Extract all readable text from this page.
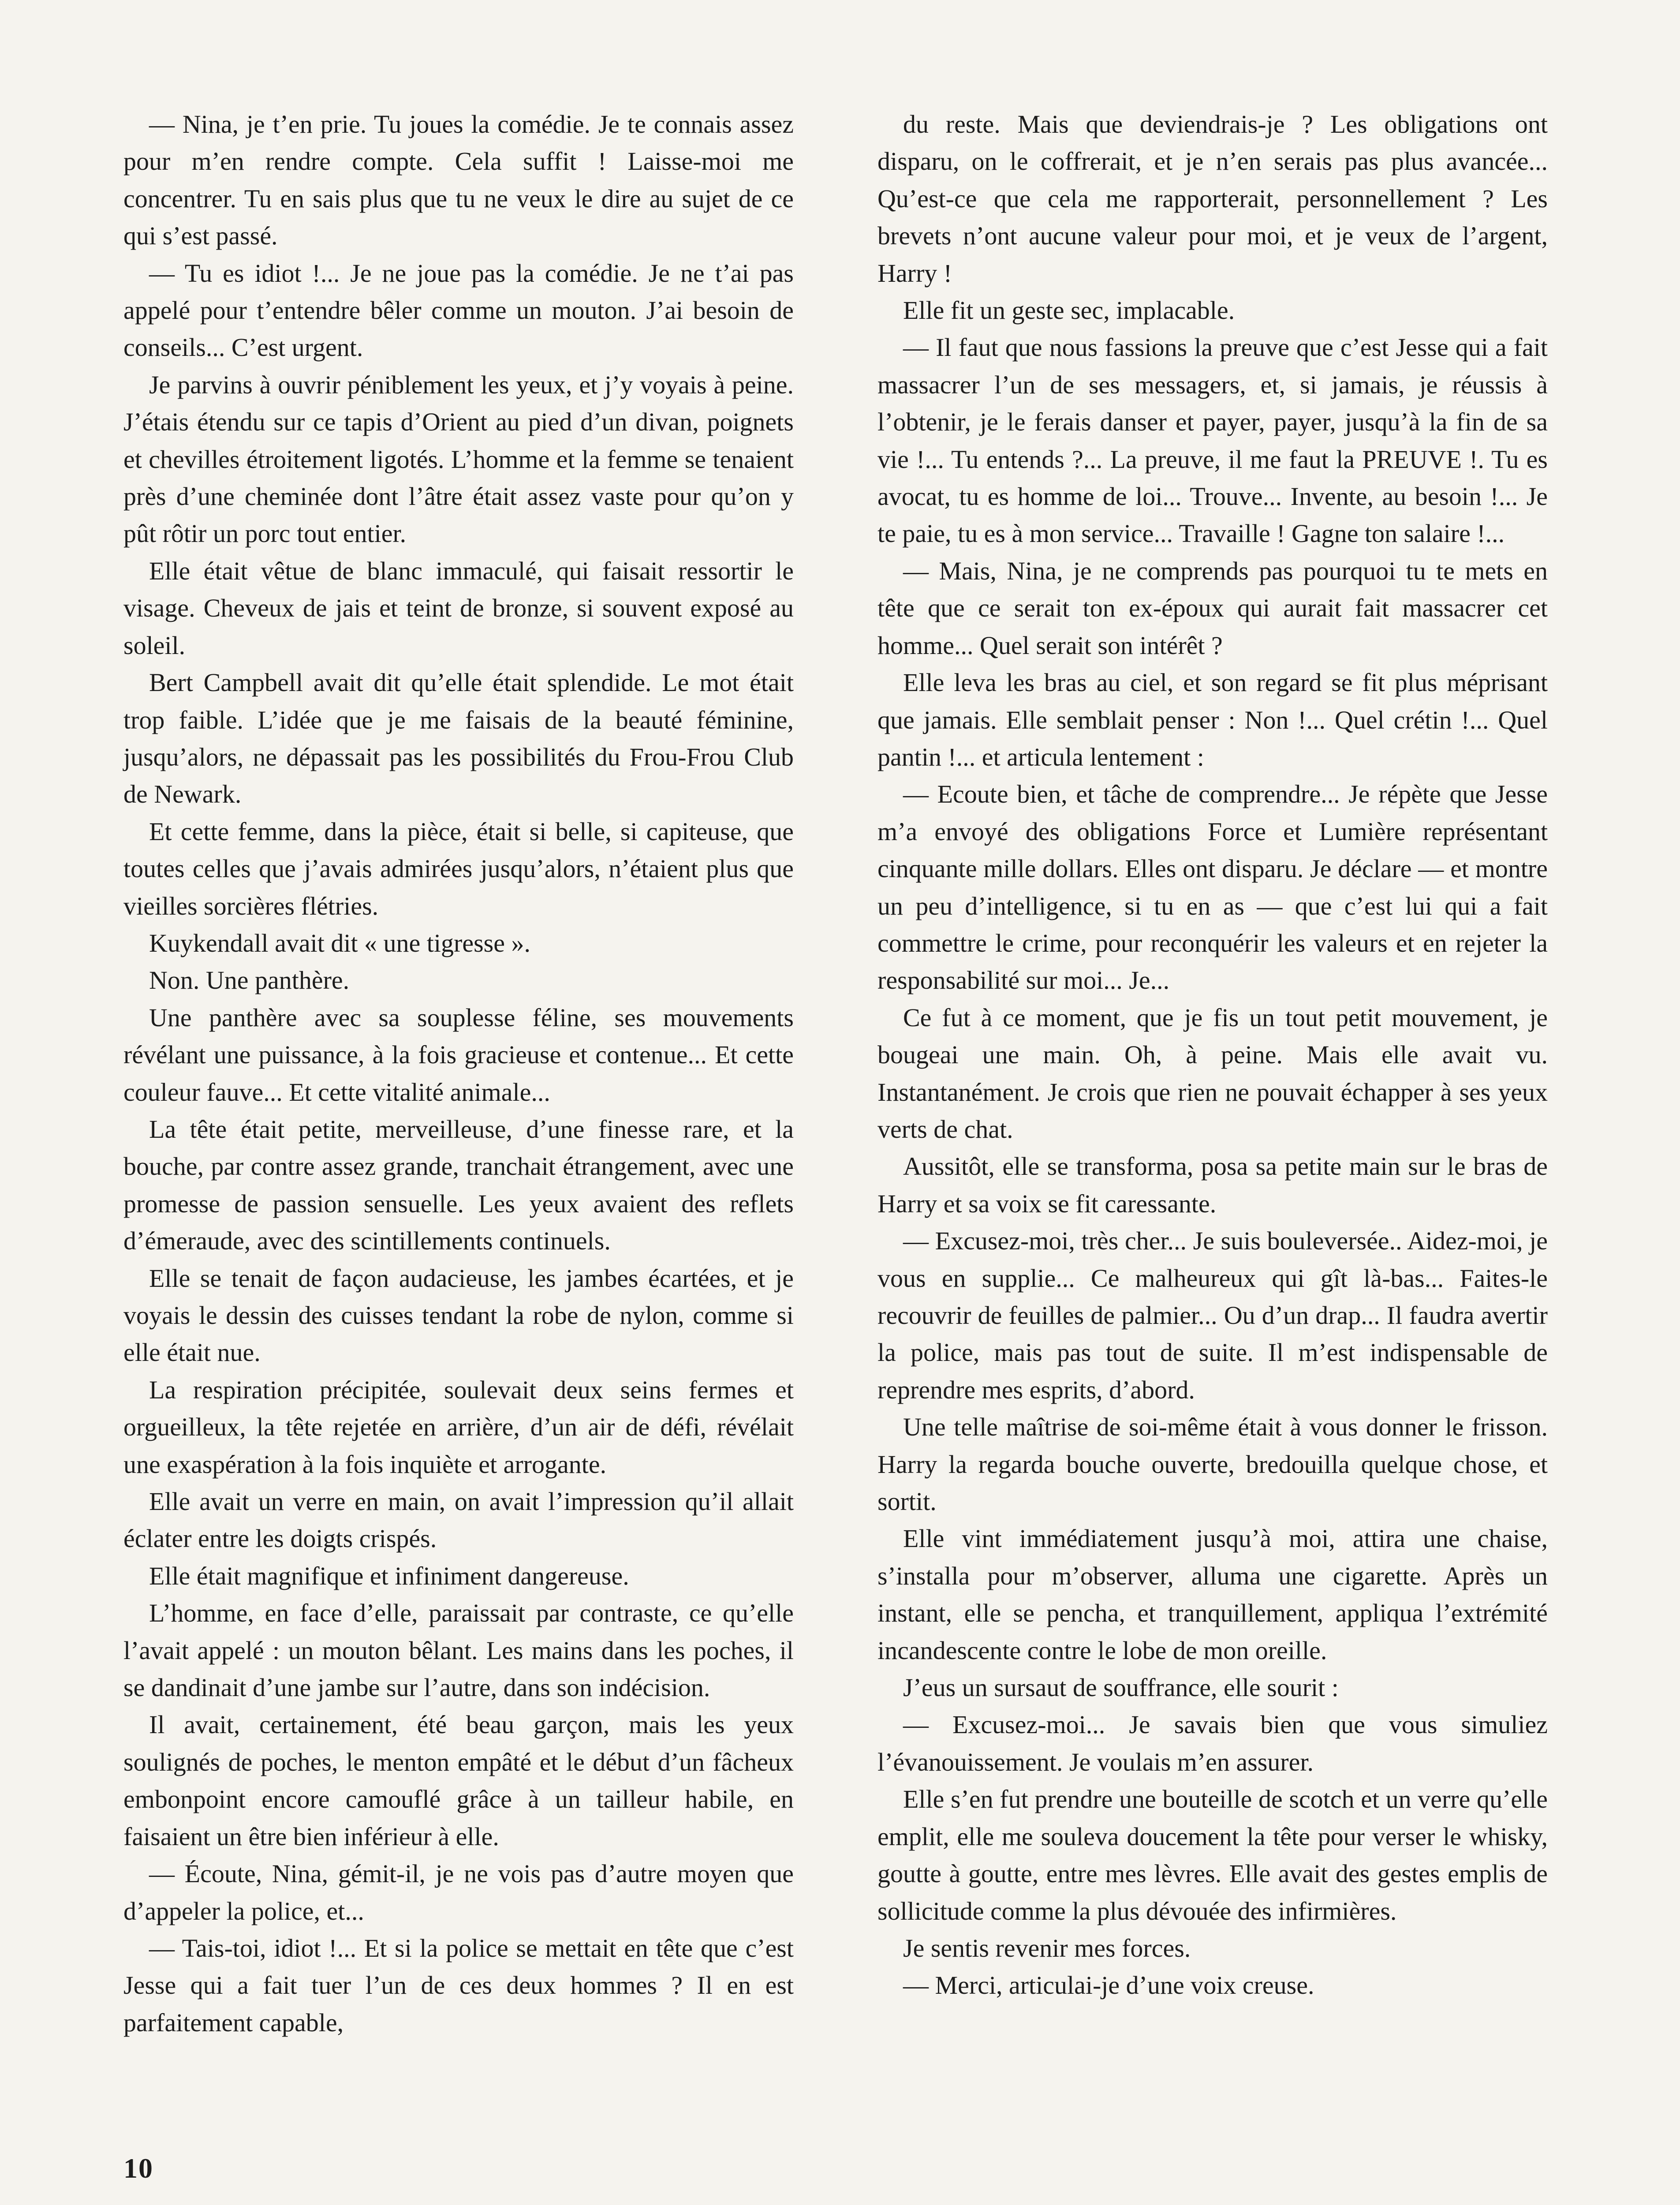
— Nina, je t’en prie. Tu joues la comédie. Je te connais assez pour m’en rendre compte. Cela suffit ! Laisse-moi me concentrer. Tu en sais plus que tu ne veux le dire au sujet de ce qui s’est passé.

— Tu es idiot !... Je ne joue pas la comédie. Je ne t’ai pas appelé pour t’entendre bêler comme un mouton. J’ai besoin de conseils... C’est urgent.

Je parvins à ouvrir péniblement les yeux, et j’y voyais à peine. J’étais étendu sur ce tapis d’Orient au pied d’un divan, poignets et chevilles étroitement ligotés. L’homme et la femme se tenaient près d’une cheminée dont l’âtre était assez vaste pour qu’on y pût rôtir un porc tout entier.

Elle était vêtue de blanc immaculé, qui faisait ressortir le visage. Cheveux de jais et teint de bronze, si souvent exposé au soleil.

Bert Campbell avait dit qu’elle était splendide. Le mot était trop faible. L’idée que je me faisais de la beauté féminine, jusqu’alors, ne dépassait pas les possibilités du Frou-Frou Club de Newark.

Et cette femme, dans la pièce, était si belle, si capiteuse, que toutes celles que j’avais admirées jusqu’alors, n’étaient plus que vieilles sorcières flétries.

Kuykendall avait dit « une tigresse ».

Non. Une panthère.

Une panthère avec sa souplesse féline, ses mouvements révélant une puissance, à la fois gracieuse et contenue... Et cette couleur fauve... Et cette vitalité animale...

La tête était petite, merveilleuse, d’une finesse rare, et la bouche, par contre assez grande, tranchait étrangement, avec une promesse de passion sensuelle. Les yeux avaient des reflets d’émeraude, avec des scintillements continuels.

Elle se tenait de façon audacieuse, les jambes écartées, et je voyais le dessin des cuisses tendant la robe de nylon, comme si elle était nue.

La respiration précipitée, soulevait deux seins fermes et orgueilleux, la tête rejetée en arrière, d’un air de défi, révélait une exaspération à la fois inquiète et arrogante.

Elle avait un verre en main, on avait l’impression qu’il allait éclater entre les doigts crispés.

Elle était magnifique et infiniment dangereuse.

L’homme, en face d’elle, paraissait par contraste, ce qu’elle l’avait appelé : un mouton bêlant. Les mains dans les poches, il se dandinait d’une jambe sur l’autre, dans son indécision.

Il avait, certainement, été beau garçon, mais les yeux soulignés de poches, le menton empâté et le début d’un fâcheux embonpoint encore camouflé grâce à un tailleur habile, en faisaient un être bien inférieur à elle.

— Écoute, Nina, gémit-il, je ne vois pas d’autre moyen que d’appeler la police, et...

— Tais-toi, idiot !... Et si la police se mettait en tête que c’est Jesse qui a fait tuer l’un de ces deux hommes ? Il en est parfaitement capable,

du reste. Mais que deviendrais-je ? Les obligations ont disparu, on le coffrerait, et je n’en serais pas plus avancée... Qu’est-ce que cela me rapporterait, personnellement ? Les brevets n’ont aucune valeur pour moi, et je veux de l’argent, Harry !

Elle fit un geste sec, implacable.

— Il faut que nous fassions la preuve que c’est Jesse qui a fait massacrer l’un de ses messagers, et, si jamais, je réussis à l’obtenir, je le ferais danser et payer, payer, jusqu’à la fin de sa vie !... Tu entends ?... La preuve, il me faut la PREUVE !. Tu es avocat, tu es homme de loi... Trouve... Invente, au besoin !... Je te paie, tu es à mon service... Travaille ! Gagne ton salaire !...

— Mais, Nina, je ne comprends pas pourquoi tu te mets en tête que ce serait ton ex-époux qui aurait fait massacrer cet homme... Quel serait son intérêt ?

Elle leva les bras au ciel, et son regard se fit plus méprisant que jamais. Elle semblait penser : Non !... Quel crétin !... Quel pantin !... et articula lentement :

— Ecoute bien, et tâche de comprendre... Je répète que Jesse m’a envoyé des obligations Force et Lumière représentant cinquante mille dollars. Elles ont disparu. Je déclare — et montre un peu d’intelligence, si tu en as — que c’est lui qui a fait commettre le crime, pour reconquérir les valeurs et en rejeter la responsabilité sur moi... Je...

Ce fut à ce moment, que je fis un tout petit mouvement, je bougeai une main. Oh, à peine. Mais elle avait vu. Instantanément. Je crois que rien ne pouvait échapper à ses yeux verts de chat.

Aussitôt, elle se transforma, posa sa petite main sur le bras de Harry et sa voix se fit caressante.

— Excusez-moi, très cher... Je suis bouleversée.. Aidez-moi, je vous en supplie... Ce malheureux qui gît là-bas... Faites-le recouvrir de feuilles de palmier... Ou d’un drap... Il faudra avertir la police, mais pas tout de suite. Il m’est indispensable de reprendre mes esprits, d’abord.

Une telle maîtrise de soi-même était à vous donner le frisson. Harry la regarda bouche ouverte, bredouilla quelque chose, et sortit.

Elle vint immédiatement jusqu’à moi, attira une chaise, s’installa pour m’observer, alluma une cigarette. Après un instant, elle se pencha, et tranquillement, appliqua l’extrémité incandescente contre le lobe de mon oreille.

J’eus un sursaut de souffrance, elle sourit :

— Excusez-moi... Je savais bien que vous simuliez l’évanouissement. Je voulais m’en assurer.

Elle s’en fut prendre une bouteille de scotch et un verre qu’elle emplit, elle me souleva doucement la tête pour verser le whisky, goutte à goutte, entre mes lèvres. Elle avait des gestes emplis de sollicitude comme la plus dévouée des infirmières.

Je sentis revenir mes forces.

— Merci, articulai-je d’une voix creuse.

10
